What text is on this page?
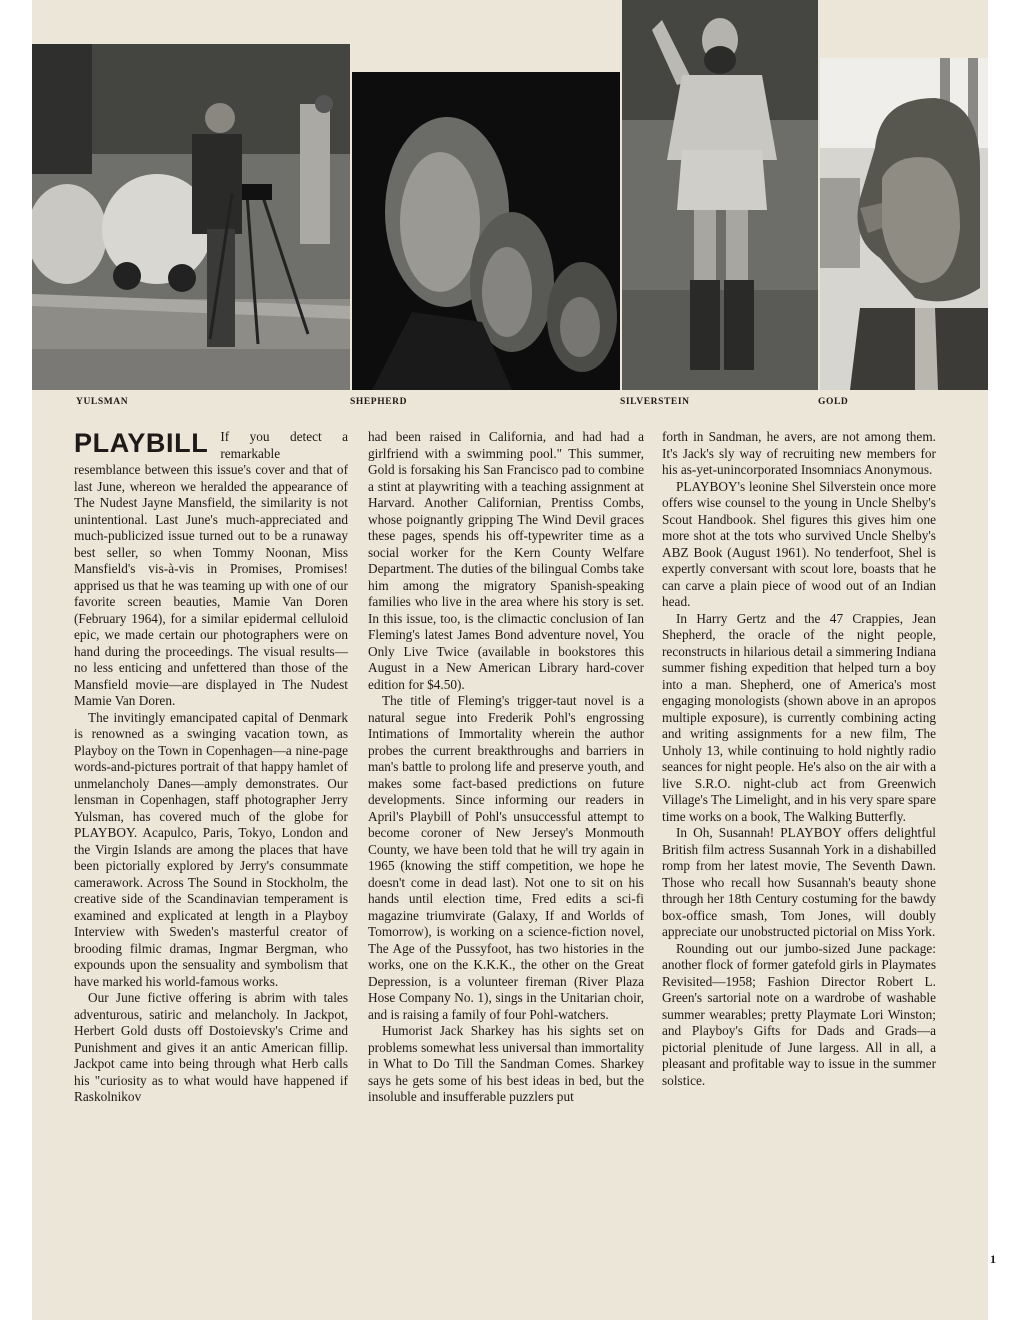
YULSMAN	SHEPHERD	SILVERSTEIN	GOLD
PLAYBILL If you detect a remarkable resemblance between this issue's cover and that of last June, whereon we heralded the appearance of The Nudest Jayne Mansfield, the similarity is not unintentional. Last June's much-appreciated and much-publicized issue turned out to be a runaway best seller, so when Tommy Noonan, Miss Mansfield's vis-à-vis in Promises, Promises! apprised us that he was teaming up with one of our favorite screen beauties, Mamie Van Doren (February 1964), for a similar epidermal celluloid epic, we made certain our photographers were on hand during the proceedings. The visual results—no less enticing and unfettered than those of the Mansfield movie—are displayed in The Nudest Mamie Van Doren.

The invitingly emancipated capital of Denmark is renowned as a swinging vacation town, as Playboy on the Town in Copenhagen—a nine-page words-and-pictures portrait of that happy hamlet of unmelancholy Danes—amply demonstrates. Our lensman in Copenhagen, staff photographer Jerry Yulsman, has covered much of the globe for PLAYBOY. Acapulco, Paris, Tokyo, London and the Virgin Islands are among the places that have been pictorially explored by Jerry's consummate camerawork. Across The Sound in Stockholm, the creative side of the Scandinavian temperament is examined and explicated at length in a Playboy Interview with Sweden's masterful creator of brooding filmic dramas, Ingmar Bergman, who expounds upon the sensuality and symbolism that have marked his world-famous works.

Our June fictive offering is abrim with tales adventurous, satiric and melancholy. In Jackpot, Herbert Gold dusts off Dostoievsky's Crime and Punishment and gives it an antic American fillip. Jackpot came into being through what Herb calls his "curiosity as to what would have happened if Raskolnikov

had been raised in California, and had had a girlfriend with a swimming pool." This summer, Gold is forsaking his San Francisco pad to combine a stint at playwriting with a teaching assignment at Harvard. Another Californian, Prentiss Combs, whose poignantly gripping The Wind Devil graces these pages, spends his off-typewriter time as a social worker for the Kern County Welfare Department. The duties of the bilingual Combs take him among the migratory Spanish-speaking families who live in the area where his story is set. In this issue, too, is the climactic conclusion of Ian Fleming's latest James Bond adventure novel, You Only Live Twice (available in bookstores this August in a New American Library hard-cover edition for $4.50).

The title of Fleming's trigger-taut novel is a natural segue into Frederik Pohl's engrossing Intimations of Immortality wherein the author probes the current breakthroughs and barriers in man's battle to prolong life and preserve youth, and makes some fact-based predictions on future developments. Since informing our readers in April's Playbill of Pohl's unsuccessful attempt to become coroner of New Jersey's Monmouth County, we have been told that he will try again in 1965 (knowing the stiff competition, we hope he doesn't come in dead last). Not one to sit on his hands until election time, Fred edits a sci-fi magazine triumvirate (Galaxy, If and Worlds of Tomorrow), is working on a science-fiction novel, The Age of the Pussyfoot, has two histories in the works, one on the K.K.K., the other on the Great Depression, is a volunteer fireman (River Plaza Hose Company No. 1), sings in the Unitarian choir, and is raising a family of four Pohl-watchers.

Humorist Jack Sharkey has his sights set on problems somewhat less universal than immortality in What to Do Till the Sandman Comes. Sharkey says he gets some of his best ideas in bed, but the insoluble and insufferable puzzlers put

forth in Sandman, he avers, are not among them. It's Jack's sly way of recruiting new members for his as-yet-unincorporated Insomniacs Anonymous.

PLAYBOY's leonine Shel Silverstein once more offers wise counsel to the young in Uncle Shelby's Scout Handbook. Shel figures this gives him one more shot at the tots who survived Uncle Shelby's ABZ Book (August 1961). No tenderfoot, Shel is expertly conversant with scout lore, boasts that he can carve a plain piece of wood out of an Indian head.

In Harry Gertz and the 47 Crappies, Jean Shepherd, the oracle of the night people, reconstructs in hilarious detail a simmering Indiana summer fishing expedition that helped turn a boy into a man. Shepherd, one of America's most engaging monologists (shown above in an apropos multiple exposure), is currently combining acting and writing assignments for a new film, The Unholy 13, while continuing to hold nightly radio seances for night people. He's also on the air with a live S.R.O. night-club act from Greenwich Village's The Limelight, and in his very spare spare time works on a book, The Walking Butterfly.

In Oh, Susannah! PLAYBOY offers delightful British film actress Susannah York in a dishabilled romp from her latest movie, The Seventh Dawn. Those who recall how Susannah's beauty shone through her 18th Century costuming for the bawdy box-office smash, Tom Jones, will doubly appreciate our unobstructed pictorial on Miss York.

Rounding out our jumbo-sized June package: another flock of former gatefold girls in Playmates Revisited—1958; Fashion Director Robert L. Green's sartorial note on a wardrobe of washable summer wearables; pretty Playmate Lori Winston; and Playboy's Gifts for Dads and Grads—a pictorial plenitude of June largess. All in all, a pleasant and profitable way to issue in the summer solstice.

1
